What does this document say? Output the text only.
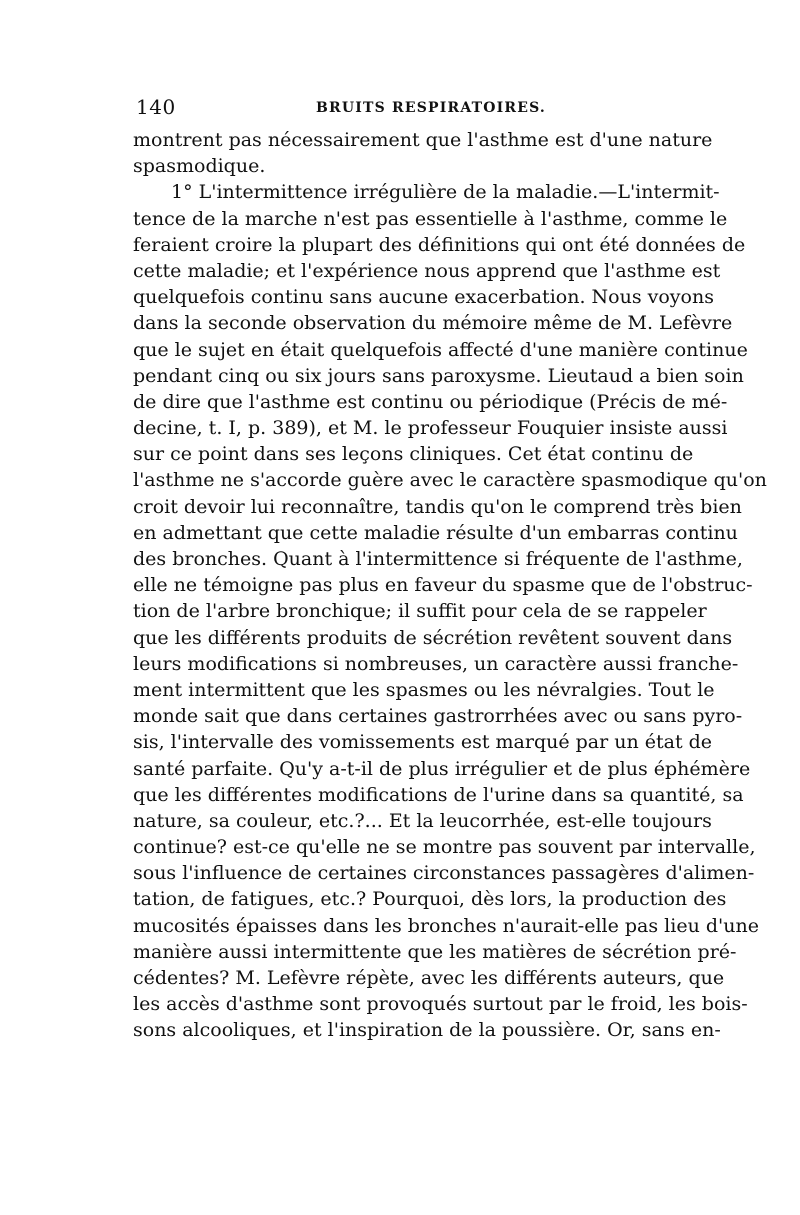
140	BRUITS RESPIRATOIRES.
montrent pas nécessairement que l'asthme est d'une nature
spasmodique.
1° L'intermittence irrégulière de la maladie.—L'intermit-
tence de la marche n'est pas essentielle à l'asthme, comme le
feraient croire la plupart des définitions qui ont été données de
cette maladie; et l'expérience nous apprend que l'asthme est
quelquefois continu sans aucune exacerbation. Nous voyons
dans la seconde observation du mémoire même de M. Lefèvre
que le sujet en était quelquefois affecté d'une manière continue
pendant cinq ou six jours sans paroxysme. Lieutaud a bien soin
de dire que l'asthme est continu ou périodique (Précis de mé-
decine, t. I, p. 389), et M. le professeur Fouquier insiste aussi
sur ce point dans ses leçons cliniques. Cet état continu de
l'asthme ne s'accorde guère avec le caractère spasmodique qu'on
croit devoir lui reconnaître, tandis qu'on le comprend très bien
en admettant que cette maladie résulte d'un embarras continu
des bronches. Quant à l'intermittence si fréquente de l'asthme,
elle ne témoigne pas plus en faveur du spasme que de l'obstruc-
tion de l'arbre bronchique; il suffit pour cela de se rappeler
que les différents produits de sécrétion revêtent souvent dans
leurs modifications si nombreuses, un caractère aussi franche-
ment intermittent que les spasmes ou les névralgies. Tout le
monde sait que dans certaines gastrorrhées avec ou sans pyro-
sis, l'intervalle des vomissements est marqué par un état de
santé parfaite. Qu'y a-t-il de plus irrégulier et de plus éphémère
que les différentes modifications de l'urine dans sa quantité, sa
nature, sa couleur, etc.?... Et la leucorrhée, est-elle toujours
continue? est-ce qu'elle ne se montre pas souvent par intervalle,
sous l'influence de certaines circonstances passagères d'alimen-
tation, de fatigues, etc.? Pourquoi, dès lors, la production des
mucosités épaisses dans les bronches n'aurait-elle pas lieu d'une
manière aussi intermittente que les matières de sécrétion pré-
cédentes? M. Lefèvre répète, avec les différents auteurs, que
les accès d'asthme sont provoqués surtout par le froid, les bois-
sons alcooliques, et l'inspiration de la poussière. Or, sans en-
